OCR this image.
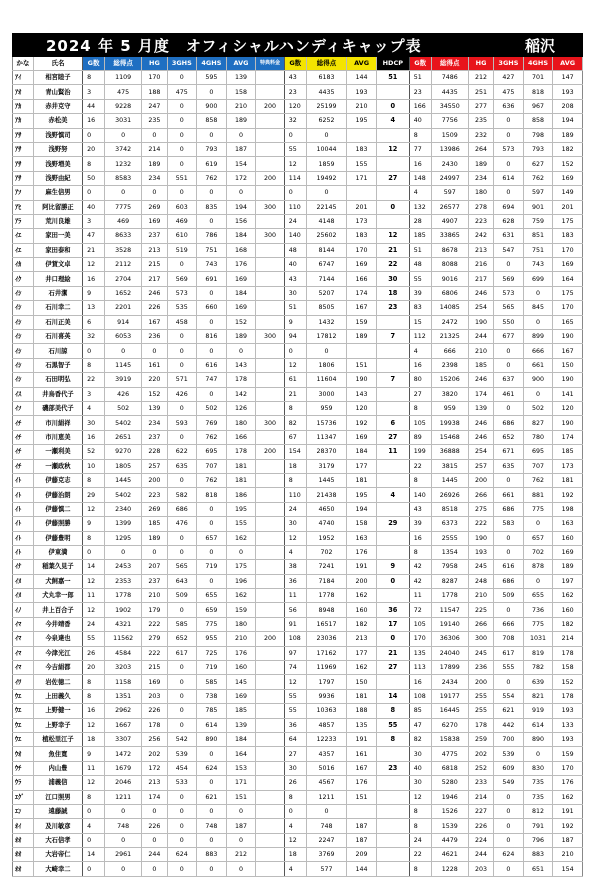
2024 年 5 月度　オフィシャルハンディキャップ表	稲沢
かな	氏名	G数	総得点	HG	3GHS	4GHS	AVG	特典料金	G数	総得点	AVG	HDCP	G数	総得点	HG	3GHS	4GHS	AVG
ｱｲ	相宮睦子	8	1109	170	0	595	139		43	6183	144	51	51	7486	212	427	701	147
ｱｵ	青山賢治	3	475	188	475	0	158		23	4435	193		23	4435	251	475	818	193
ｱｶ	赤井克守	44	9228	247	0	900	210	200	120	25199	210	0	166	34550	277	636	967	208
ｱｶ	赤松美	16	3031	235	0	858	189		32	6252	195	4	40	7756	235	0	858	194
ｱｻ	浅野慎司	0	0	0	0	0	0		0	0			8	1509	232	0	798	189
ｱｻ	浅野努	20	3742	214	0	793	187		55	10044	183	12	77	13986	264	573	793	182
ｱｻ	浅野増美	8	1232	189	0	619	154		12	1859	155		16	2430	189	0	627	152
ｱｻ	浅野由紀	50	8583	234	551	762	172	200	114	19492	171	27	148	24997	234	614	762	169
ｱｿ	麻生信男	0	0	0	0	0	0		0	0			4	597	180	0	597	149
ｱﾋ	阿比留勝正	40	7775	269	603	835	194	300	110	22145	201	0	132	26577	278	694	901	201
ｱﾗ	荒川良雄	3	469	169	469	0	156		24	4148	173		28	4907	223	628	759	175
ｲｴ	家田一美	47	8633	237	610	786	184	300	140	25602	183	12	185	33865	242	631	851	183
ｲｴ	家田泰和	21	3528	213	519	751	168		48	8144	170	21	51	8678	213	547	751	170
ｲｶ	伊賀文卓	12	2112	215	0	743	176		40	6747	169	22	48	8088	216	0	743	169
ｲｸ	井口理絵	16	2704	217	569	691	169		43	7144	166	30	55	9016	217	569	699	164
ｲｼ	石井潔	9	1652	246	573	0	184		30	5207	174	18	39	6806	246	573	0	175
ｲｼ	石川幸二	13	2201	226	535	660	169		51	8505	167	23	83	14085	254	565	845	170
ｲｼ	石川正美	6	914	167	458	0	152		9	1432	159		15	2472	190	550	0	165
ｲｼ	石川喜英	32	6053	236	0	816	189	300	94	17812	189	7	112	21325	244	677	899	190
ｲｼ	石川諒	0	0	0	0	0	0		0	0			4	666	210	0	666	167
ｲｼ	石黒智子	8	1145	161	0	616	143		12	1806	151		16	2398	185	0	661	150
ｲｼ	石田明弘	22	3919	220	571	747	178		61	11604	190	7	80	15206	246	637	900	190
ｲｽ	井鳥香代子	3	426	152	426	0	142		21	3000	143		27	3820	174	461	0	141
ｲｿ	磯部美代子	4	502	139	0	502	126		8	959	120		8	959	139	0	502	120
ｲﾁ	市川絹祥	30	5402	234	593	769	180	300	82	15736	192	6	105	19938	246	686	827	190
ｲﾁ	市川恵美	16	2651	237	0	762	166		67	11347	169	27	89	15468	246	652	780	174
ｲﾁ	一瀬利美	52	9270	228	622	695	178	200	154	28370	184	11	199	36888	254	671	695	185
ｲﾁ	一瀬政秋	10	1805	257	635	707	181		18	3179	177		22	3815	257	635	707	173
ｲﾄ	伊藤克志	8	1445	200	0	762	181		8	1445	181		8	1445	200	0	762	181
ｲﾄ	伊藤治朗	29	5402	223	582	818	186		110	21438	195	4	140	26926	266	661	881	192
ｲﾄ	伊藤慎二	12	2340	269	686	0	195		24	4650	194		43	8518	275	686	775	198
ｲﾄ	伊藤照勝	9	1399	185	476	0	155		30	4740	158	29	39	6373	222	583	0	163
ｲﾄ	伊藤豊明	8	1295	189	0	657	162		12	1952	163		16	2555	190	0	657	160
ｲﾄ	伊東満	0	0	0	0	0	0		4	702	176		8	1354	193	0	702	169
ｲﾅ	稲葉久見子	14	2453	207	565	719	175		38	7241	191	9	42	7958	245	616	878	189
ｲﾇ	犬飼嘉一	12	2353	237	643	0	196		36	7184	200	0	42	8287	248	686	0	197
ｲﾇ	犬丸幸一郎	11	1778	210	509	655	162		11	1778	162		11	1778	210	509	655	162
ｲﾉ	井上百合子	12	1902	179	0	659	159		56	8948	160	36	72	11547	225	0	736	160
ｲﾏ	今井靖香	24	4321	222	585	775	180		91	16517	182	17	105	19140	266	666	775	182
ｲﾏ	今泉達也	55	11562	279	652	955	210	200	108	23036	213	0	170	36306	300	708	1031	214
ｲﾏ	今津光江	26	4584	222	617	725	176		97	17162	177	21	135	24040	245	617	819	178
ｲﾏ	今吉絹都	20	3203	215	0	719	160		74	11969	162	27	113	17899	236	555	782	158
ｲﾜ	岩佐徳二	8	1158	169	0	585	145		12	1797	150		16	2434	200	0	639	152
ｳｴ	上田義久	8	1351	203	0	738	169		55	9936	181	14	108	19177	255	554	821	178
ｳｴ	上野健一	16	2962	226	0	785	185		55	10363	188	8	85	16445	255	621	919	193
ｳｴ	上野幸子	12	1667	178	0	614	139		36	4857	135	55	47	6270	178	442	614	133
ｳｴ	植松里江子	18	3307	256	542	890	184		64	12233	191	8	82	15838	259	700	890	193
ｳｵ	魚住寛	9	1472	202	539	0	164		27	4357	161		30	4775	202	539	0	159
ｳﾁ	内山豊	11	1679	172	454	624	153		30	5016	167	23	40	6818	252	609	830	170
ｳﾗ	浦義信	12	2046	213	533	0	171		26	4567	176		30	5280	233	549	735	176
ｴｸﾞ	江口照男	8	1211	174	0	621	151		8	1211	151		12	1946	214	0	735	162
ｴﾝ	遠藤誠	0	0	0	0	0	0		0	0			8	1526	227	0	812	191
ｵｲ	及川敏彦	4	748	226	0	748	187		4	748	187		8	1539	226	0	791	192
ｵｵ	大石信孝	0	0	0	0	0	0		12	2247	187		24	4479	224	0	796	187
ｵｵ	大岩帝仁	14	2961	244	624	883	212		18	3769	209		22	4621	244	624	883	210
ｵｵ	大崎幸二	0	0	0	0	0	0		4	577	144		8	1228	203	0	651	154
